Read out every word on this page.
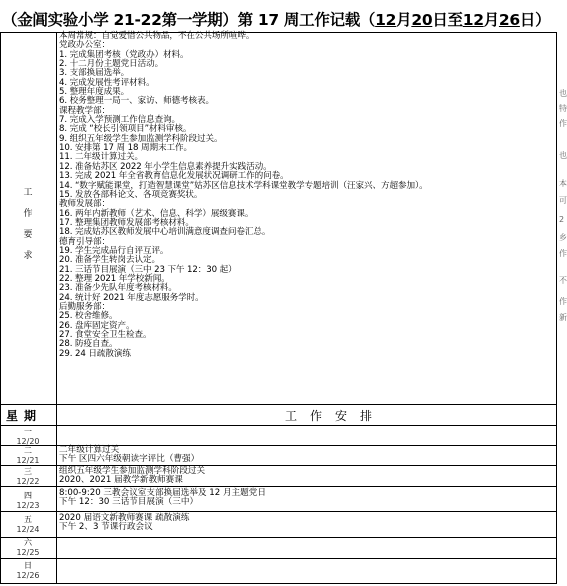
（金阊实验小学 21-22第一学期）第 17 周工作记载（12月20日至12月26日）
工
作
要
求
本周常规：自觉爱惜公共物品，不在公共场所喧哗。
党政办公室：
1. 完成集团考核（党政办）材料。
2. 十二月份主题党日活动。
3. 支部换届选举。
4. 完成发展性考评材料。
5. 整理年度成果。
6. 校务整理一局一、家访、师德考核表。
课程教学部：
7. 完成入学预测工作信息查询。
8. 完成 “校长引领项目”材料审核。
9. 组织五年级学生参加监测学科阶段过关。
10. 安排第 17 周 18 周期末工作。
11. 二年级计算过关。
12. 准备姑苏区 2022 年小学生信息素养提升实践活动。
13. 完成 2021 年全省教育信息化发展状况调研工作的问卷。
14. “数字赋能课堂，打造智慧课堂”姑苏区信息技术学科课堂教学专题培训（汪家兴、方超参加）。
15. 发放各部科论文、各项竞赛奖状。
教师发展部：
16. 两年内新教师（艺术、信息、科学）展级赛课。
17. 整理集团教师发展部考核材料。
18. 完成姑苏区教师发展中心培训满意度调查问卷汇总。
德育引导部：
19. 学生完成品行自评互评。
20. 准备学生转岗去认定。
21. 三话节目展演（三中 23 下午 12：30 起）
22. 整理 2021 年学校新闻。
23. 准备少先队年度考核材料。
24. 统计好 2021 年度志愿服务学时。
后勤服务部：
25. 校舍维修。
26. 盘库固定资产。
27. 食堂安全卫生检查。
28. 防疫自查。
29. 24 日疏散演练
星期	工作安排
一
12/20
二
12/21
二年级计算过关
下午 区四六年级朝读字评比（曹强）
三
12/22
组织五年级学生参加监测学科阶段过关
2020、2021 届教学新教师赛课
四
12/23
8:00-9:20 三教会议室支部换届选举及 12 月主题党日
下午 12：30 三话节目展演（三中）
五
12/24
2020 届语文新教师赛课 疏散演练
下午 2、3 节课行政会议
六
12/25
日
12/26
也
特
作
也
本
可
2
乡
作
不
作
新
